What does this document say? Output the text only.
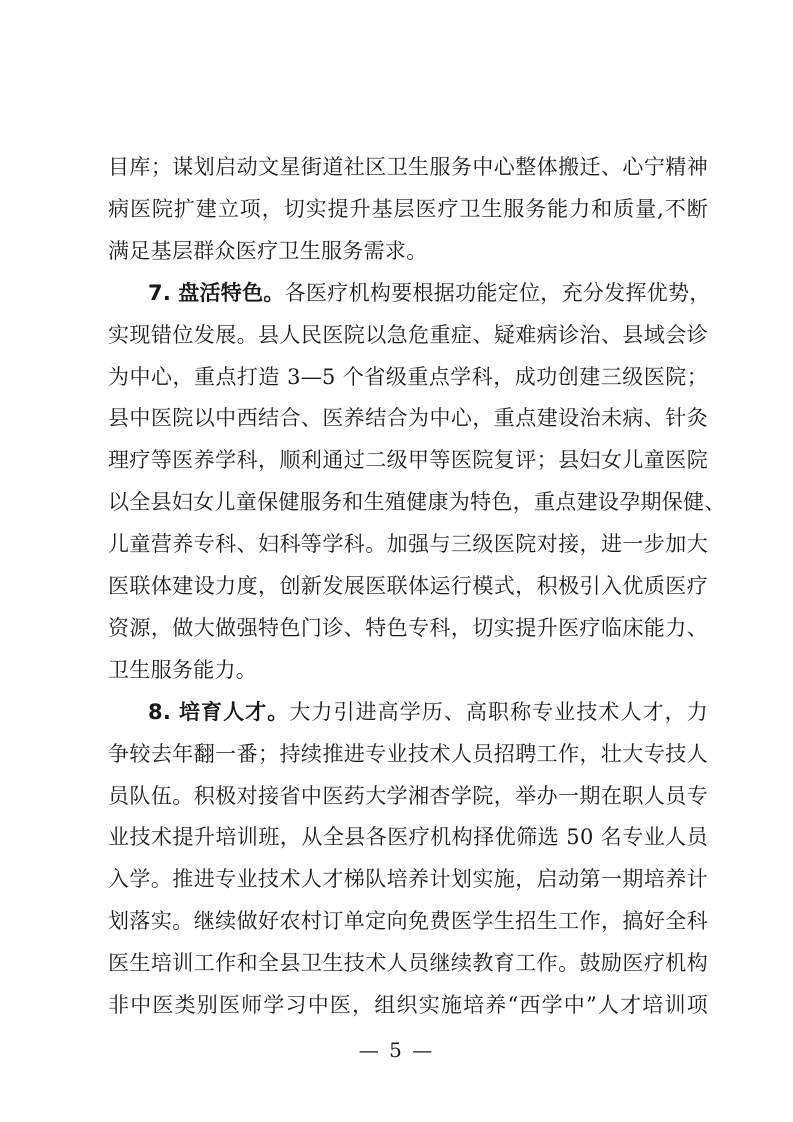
目库；谋划启动文星街道社区卫生服务中心整体搬迁、心宁精神
病医院扩建立项，切实提升基层医疗卫生服务能力和质量,不断
满足基层群众医疗卫生服务需求。
7. 盘活特色。各医疗机构要根据功能定位，充分发挥优势，
实现错位发展。县人民医院以急危重症、疑难病诊治、县域会诊
为中心，重点打造 3—5 个省级重点学科，成功创建三级医院；
县中医院以中西结合、医养结合为中心，重点建设治未病、针灸
理疗等医养学科，顺利通过二级甲等医院复评；县妇女儿童医院
以全县妇女儿童保健服务和生殖健康为特色，重点建设孕期保健、
儿童营养专科、妇科等学科。加强与三级医院对接，进一步加大
医联体建设力度，创新发展医联体运行模式，积极引入优质医疗
资源，做大做强特色门诊、特色专科，切实提升医疗临床能力、
卫生服务能力。
8. 培育人才。大力引进高学历、高职称专业技术人才，力
争较去年翻一番；持续推进专业技术人员招聘工作，壮大专技人
员队伍。积极对接省中医药大学湘杏学院，举办一期在职人员专
业技术提升培训班，从全县各医疗机构择优筛选 50 名专业人员
入学。推进专业技术人才梯队培养计划实施，启动第一期培养计
划落实。继续做好农村订单定向免费医学生招生工作，搞好全科
医生培训工作和全县卫生技术人员继续教育工作。鼓励医疗机构
— 5 —
非中医类别医师学习中医，组织实施培养“西学中”人才培训项
